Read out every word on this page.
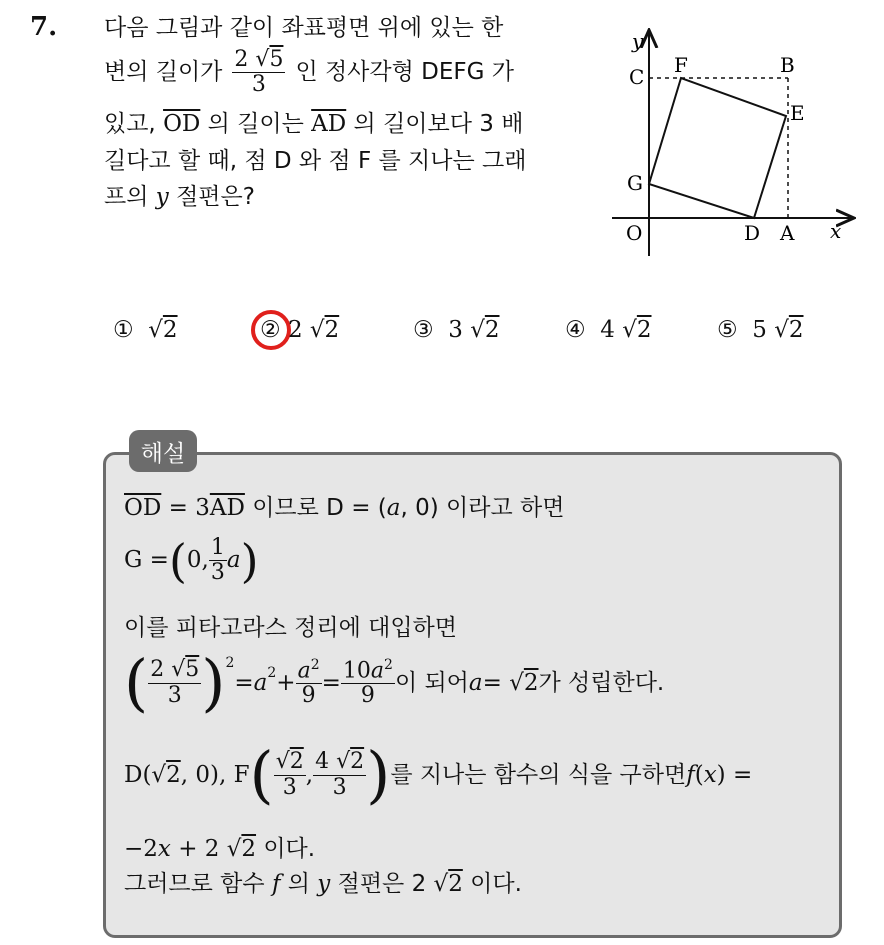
7. 다음 그림과 같이 좌표평면 위에 있는 한
변의 길이가 $\frac{2 √5}{3}$ 인 정사각형 DEFG 가
있고, $\overline{OD}$ 의 길이는 $\overline{AD}$ 의 길이보다 3 배
길다고 할 때, 점 D 와 점 F 를 지나는 그래
프의 y 절편은?
y
x
O	D A
G
C F	B
E
① √2	② 2 √2	③ 3 √2	④ 4 √2	⑤ 5 √2
해설
$\overline{OD} = 3\overline{AD}$ 이므로 D = (a, 0) 이라고 하면
G = ( 0, $\frac{1}{3}$ a )
이를 피타고라스 정리에 대입하면
( $\frac{2 √5}{3} )^2$
= $a^2 + \frac{a^2}{9} = \frac{10a^2}{9}$ 이 되어 a = √2 가 성립한다.
D( √2 , 0), F ( $\frac{√2}{3}$ , $\frac{4 √2}{3}$ ) 를 지나는 함수의 식을 구하면 f ( x ) =
−2x + 2 √2 이다.
그러므로 함수 f 의 y 절편은 2 √2 이다.
